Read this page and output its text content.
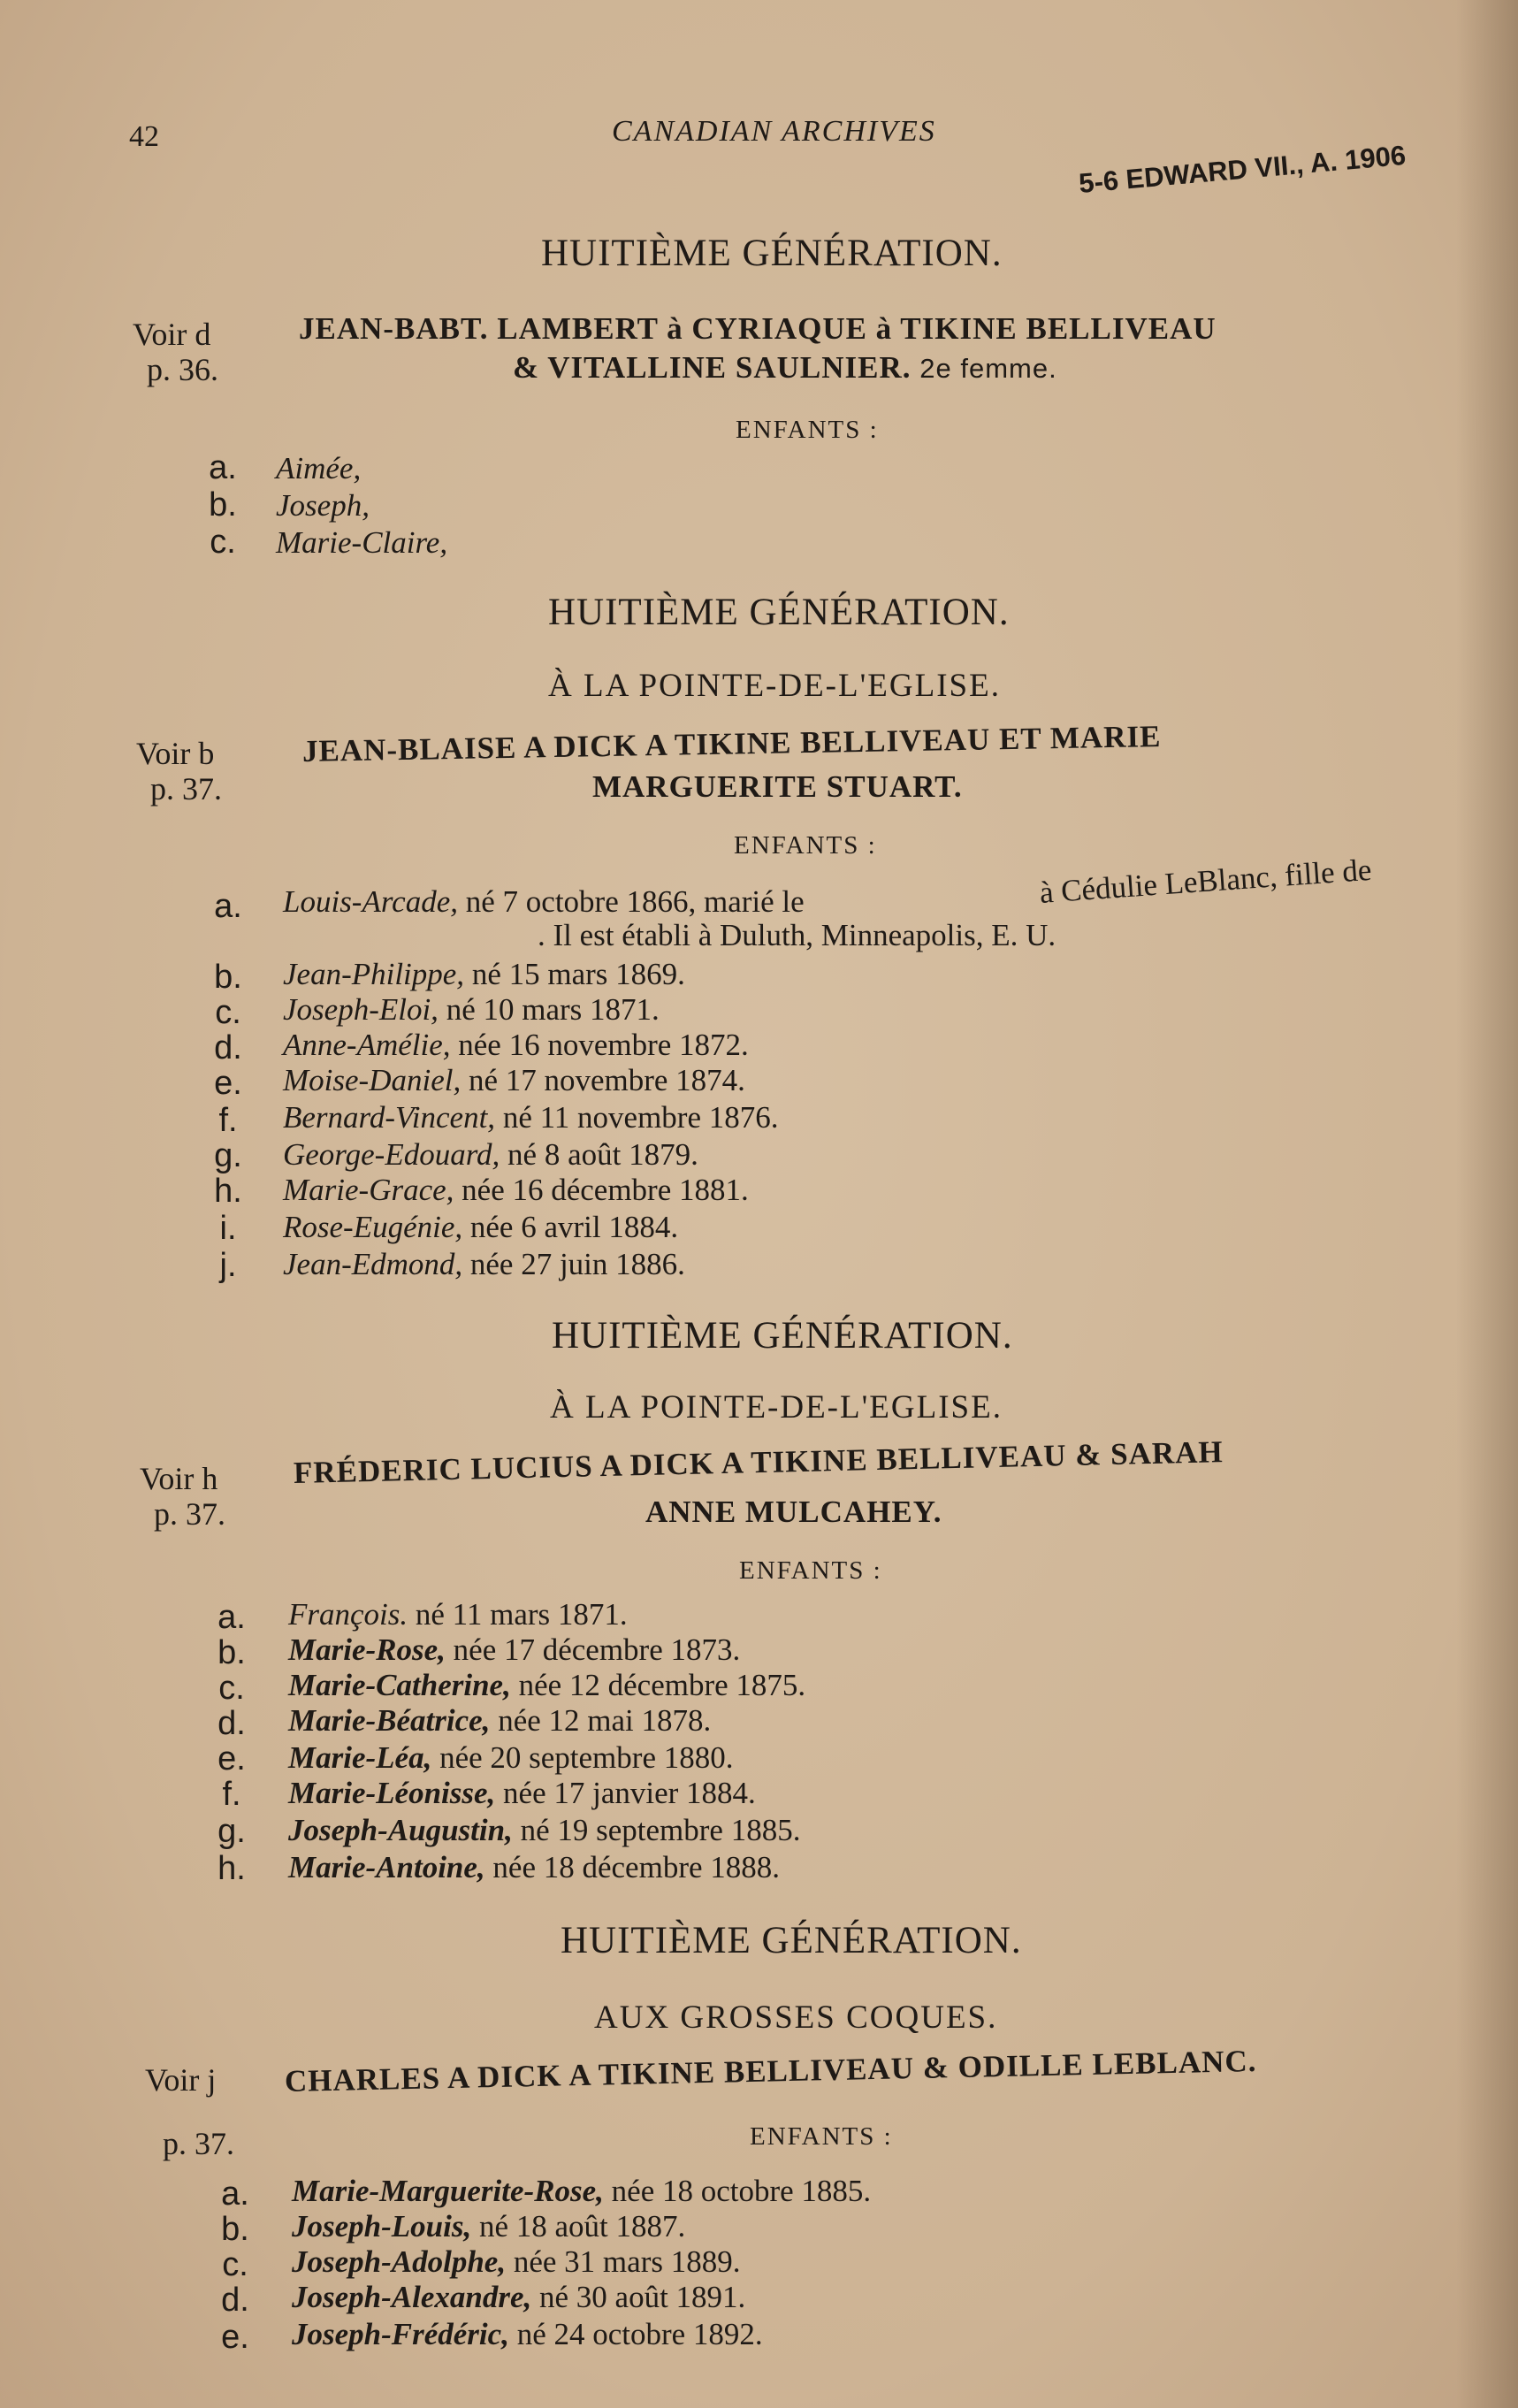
42	CANADIAN ARCHIVES
5-6 EDWARD VII., A. 1906
HUITIÈME GÉNÉRATION.
Voir d
p. 36.
JEAN-BABT. LAMBERT à CYRIAQUE à TIKINE BELLIVEAU
& VITALLINE SAULNIER. 2e femme.
ENFANTS :
a. Aimée,
b. Joseph,
c. Marie-Claire,
HUITIÈME GÉNÉRATION.
À LA POINTE-DE-L'EGLISE.
Voir b
p. 37.
JEAN-BLAISE A DICK A TIKINE BELLIVEAU ET MARIE
MARGUERITE STUART.
ENFANTS :
a. Louis-Arcade, né 7 octobre 1866, marié le	à Cédulie LeBlanc, fille de
. Il est établi à Duluth, Minneapolis, E. U.
b. Jean-Philippe, né 15 mars 1869.
c. Joseph-Eloi, né 10 mars 1871.
d. Anne-Amélie, née 16 novembre 1872.
e. Moise-Daniel, né 17 novembre 1874.
f. Bernard-Vincent, né 11 novembre 1876.
g. George-Edouard, né 8 août 1879.
h. Marie-Grace, née 16 décembre 1881.
i.	Rose-Eugénie, née 6 avril 1884.
j.	Jean-Edmond, née 27 juin 1886.
HUITIÈME GÉNÉRATION.
À LA POINTE-DE-L'EGLISE.
Voir h
p. 37.
FRÉDERIC LUCIUS A DICK A TIKINE BELLIVEAU & SARAH
ANNE MULCAHEY.
ENFANTS :
a. François. né 11 mars 1871.
b. Marie-Rose, née 17 décembre 1873.
c. Marie-Catherine, née 12 décembre 1875.
d. Marie-Béatrice, née 12 mai 1878.
e. Marie-Léa, née 20 septembre 1880.
f. Marie-Léonisse, née 17 janvier 1884.
g. Joseph-Augustin, né 19 septembre 1885.
h. Marie-Antoine, née 18 décembre 1888.
HUITIÈME GÉNÉRATION.
AUX GROSSES COQUES.
Voir j
p. 37.
CHARLES A DICK A TIKINE BELLIVEAU & ODILLE LEBLANC.
ENFANTS :
a. Marie-Marguerite-Rose, née 18 octobre 1885.
b. Joseph-Louis, né 18 août 1887.
c. Joseph-Adolphe, née 31 mars 1889.
d. Joseph-Alexandre, né 30 août 1891.
e. Joseph-Frédéric, né 24 octobre 1892.
